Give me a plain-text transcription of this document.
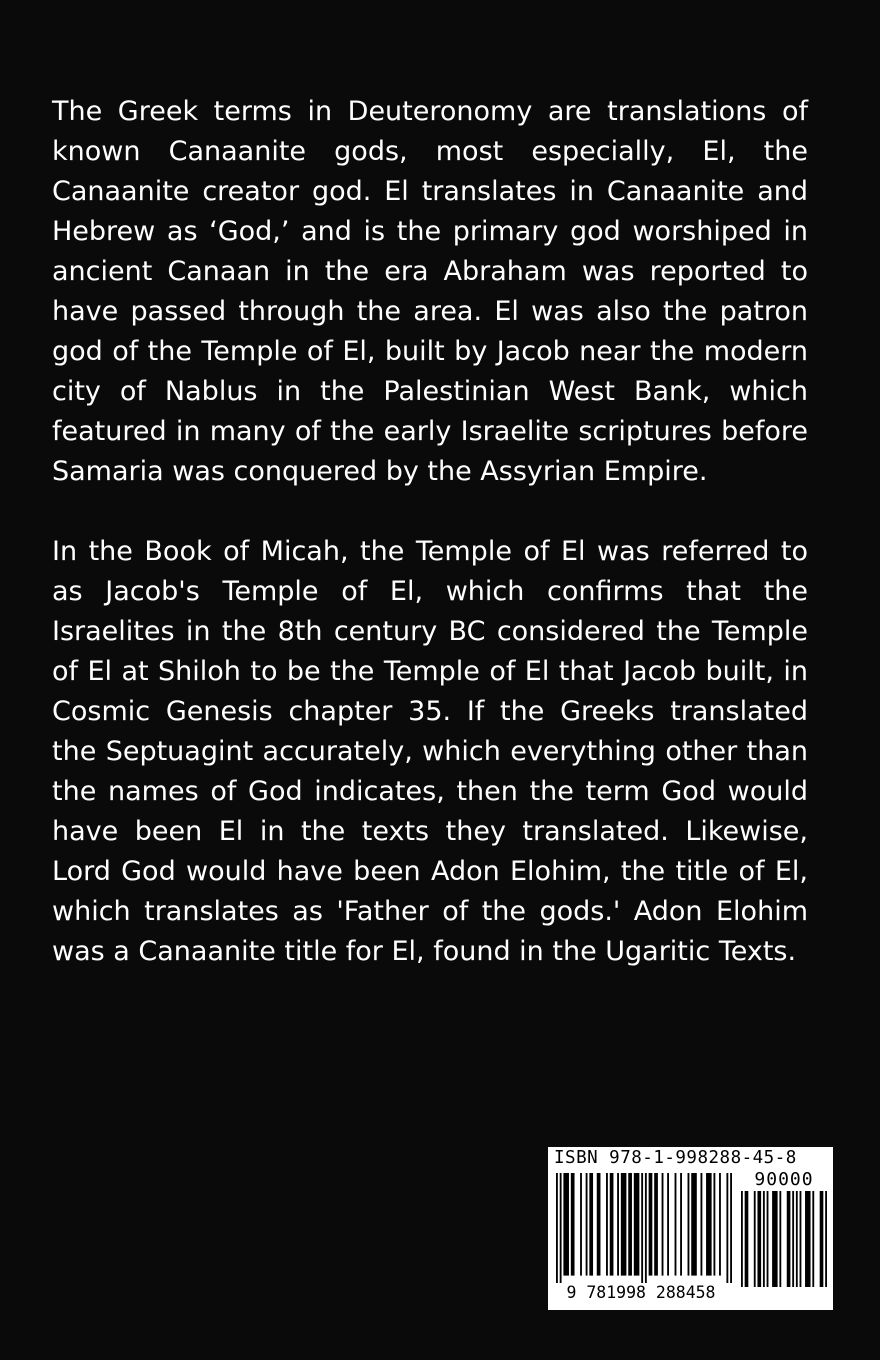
The Greek terms in Deuteronomy are translations of known Canaanite gods, most especially, El, the Canaanite creator god. El translates in Canaanite and Hebrew as ‘God,’ and is the primary god worshiped in ancient Canaan in the era Abraham was reported to have passed through the area. El was also the patron god of the Temple of El, built by Jacob near the modern city of Nablus in the Palestinian West Bank, which featured in many of the early Israelite scriptures before Samaria was conquered by the Assyrian Empire.

In the Book of Micah, the Temple of El was referred to as Jacob's Temple of El, which confirms that the Israelites in the 8th century BC considered the Temple of El at Shiloh to be the Temple of El that Jacob built, in Cosmic Genesis chapter 35. If the Greeks translated the Septuagint accurately, which everything other than the names of God indicates, then the term God would have been El in the texts they translated. Likewise, Lord God would have been Adon Elohim, the title of El, which translates as 'Father of the gods.' Adon Elohim was a Canaanite title for El, found in the Ugaritic Texts.

ISBN 978-1-998288-45-8
90000
9 781998 288458
